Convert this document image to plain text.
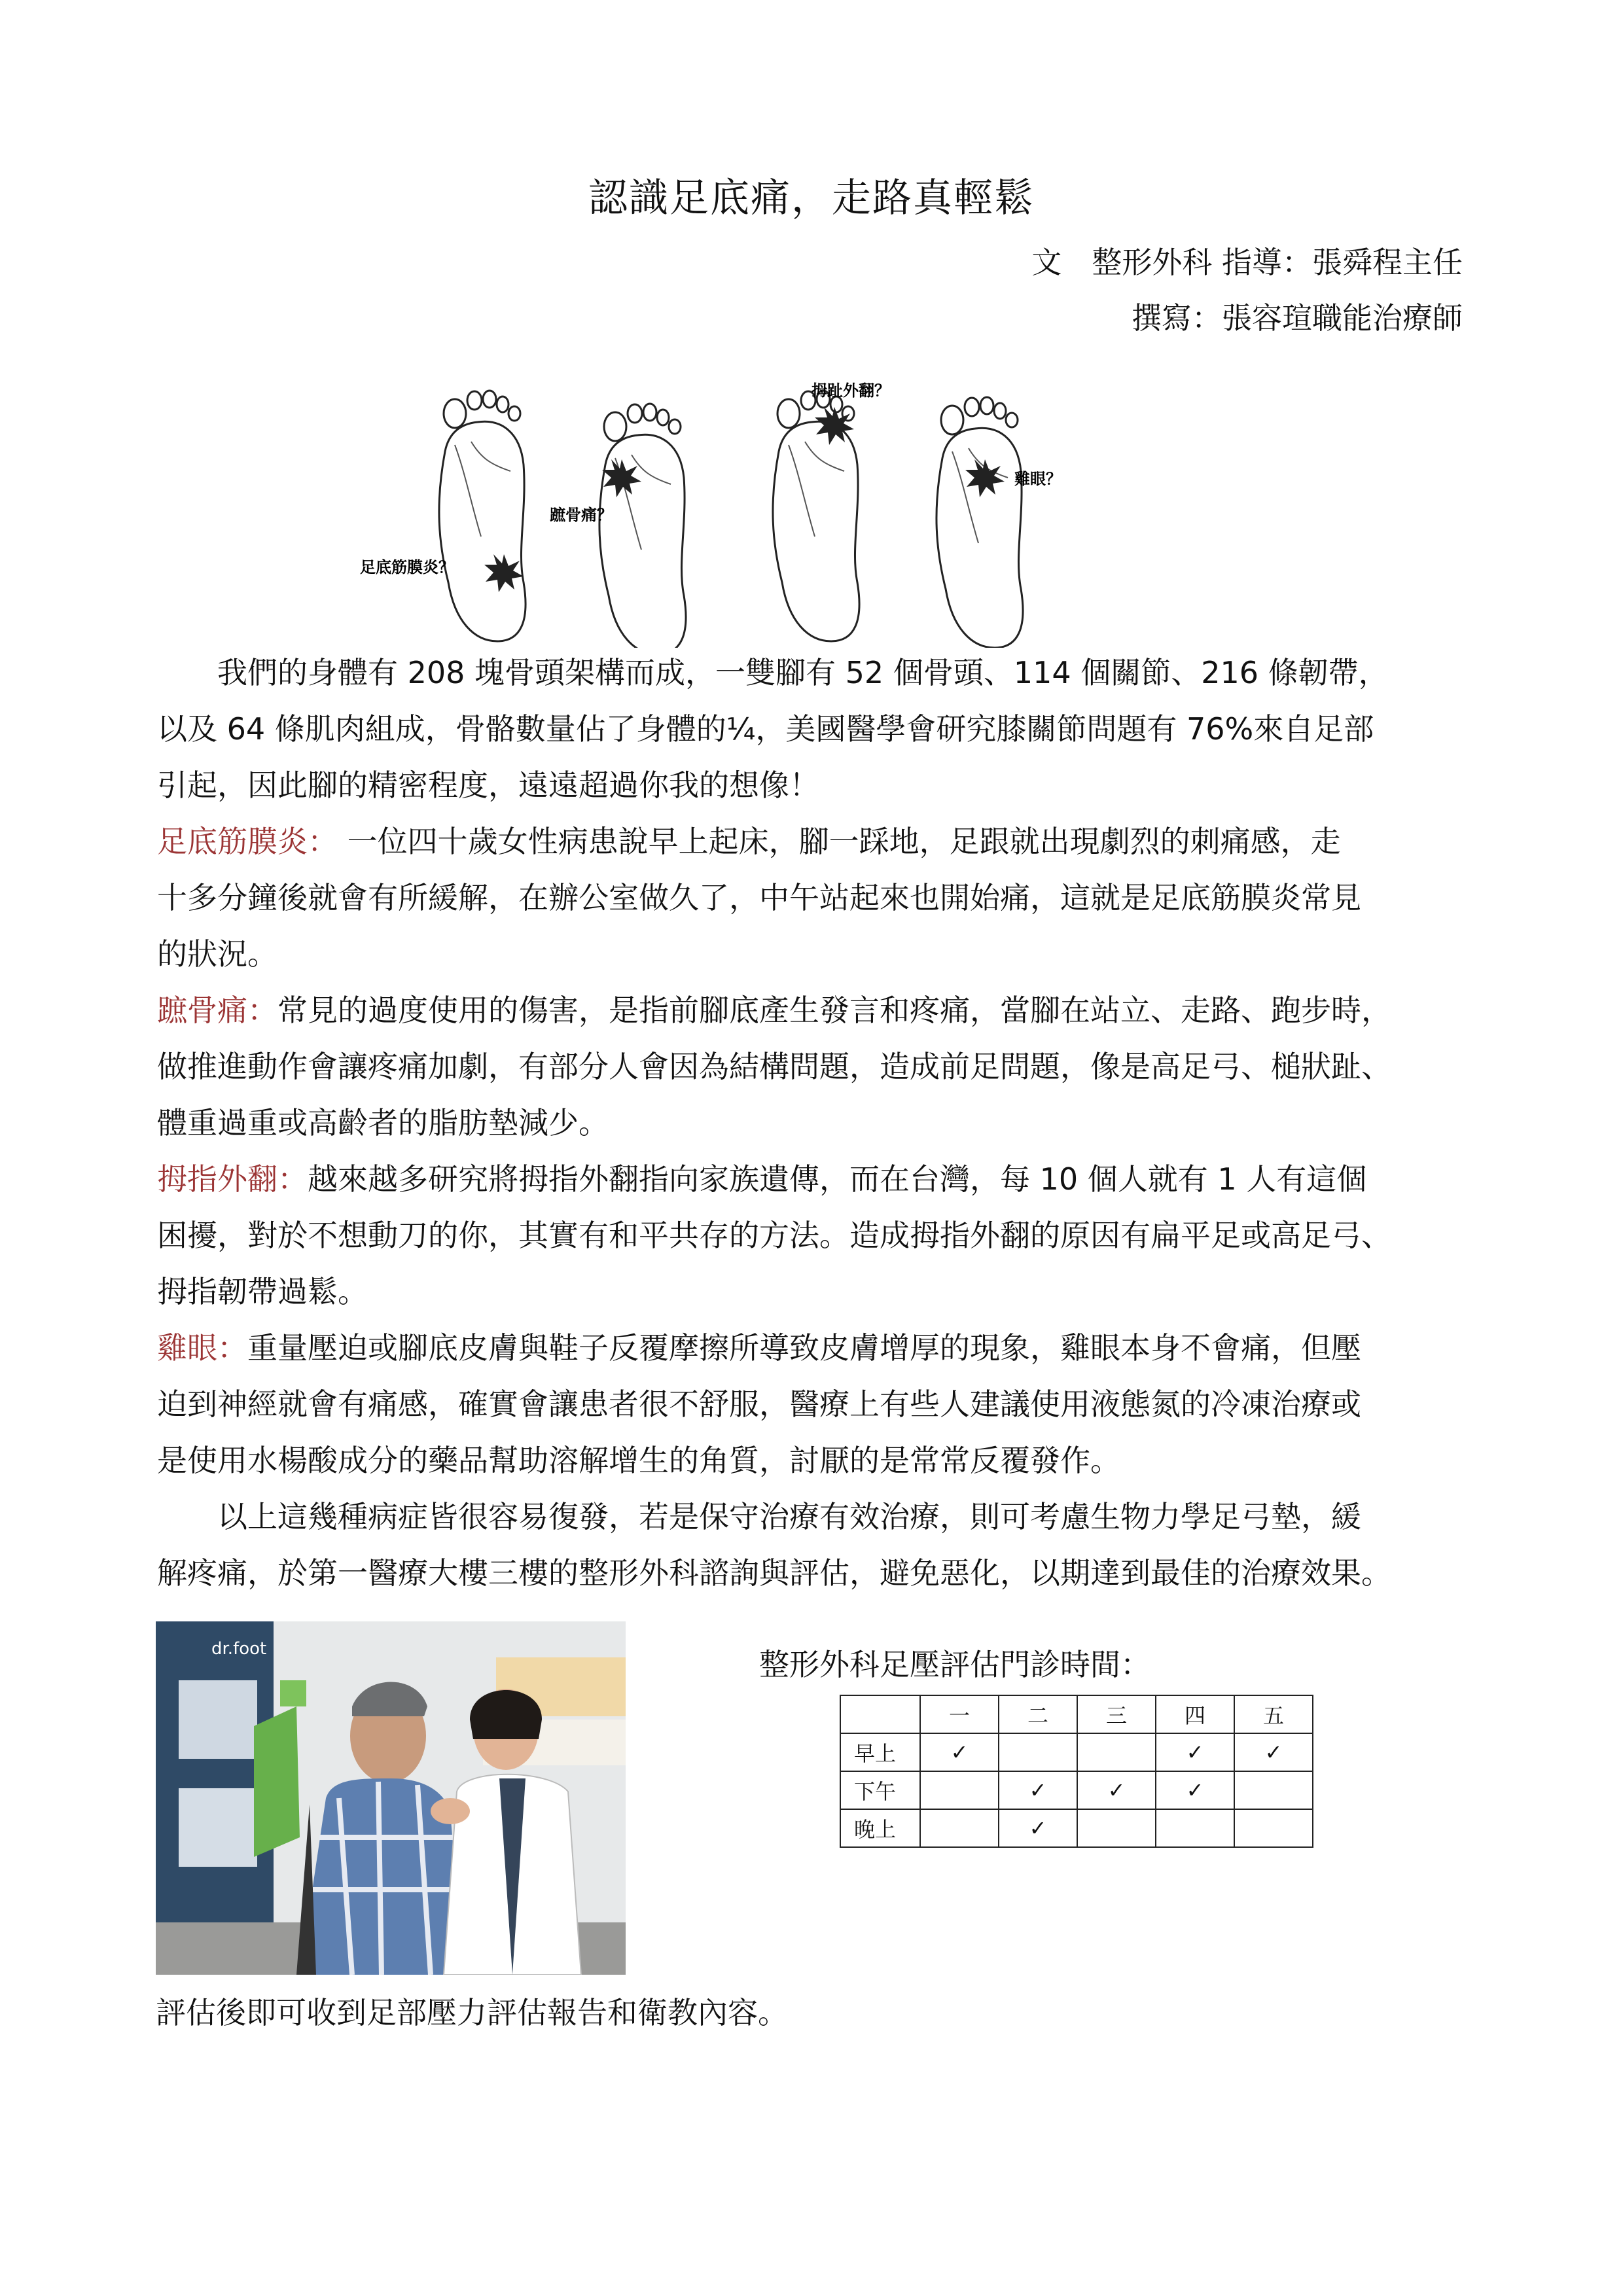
認識足底痛，走路真輕鬆
文　整形外科 指導：張舜程主任
撰寫：張容瑄職能治療師
足底筋膜炎？
蹠骨痛？
拇趾外翻？
雞眼？
我們的身體有 208 塊骨頭架構而成，一雙腳有 52 個骨頭、114 個關節、216 條韌帶，
以及 64 條肌肉組成，骨骼數量佔了身體的¼，美國醫學會研究膝關節問題有 76%來自足部
引起，因此腳的精密程度，遠遠超過你我的想像！
足底筋膜炎： 一位四十歲女性病患說早上起床，腳一踩地，足跟就出現劇烈的刺痛感，走
十多分鐘後就會有所緩解，在辦公室做久了，中午站起來也開始痛，這就是足底筋膜炎常見
的狀況。
蹠骨痛：常見的過度使用的傷害，是指前腳底產生發言和疼痛，當腳在站立、走路、跑步時，
做推進動作會讓疼痛加劇，有部分人會因為結構問題，造成前足問題，像是高足弓、槌狀趾、
體重過重或高齡者的脂肪墊減少。
拇指外翻：越來越多研究將拇指外翻指向家族遺傳，而在台灣，每 10 個人就有 1 人有這個
困擾，對於不想動刀的你，其實有和平共存的方法。造成拇指外翻的原因有扁平足或高足弓、
拇指韌帶過鬆。
雞眼：重量壓迫或腳底皮膚與鞋子反覆摩擦所導致皮膚增厚的現象，雞眼本身不會痛，但壓
迫到神經就會有痛感，確實會讓患者很不舒服，醫療上有些人建議使用液態氮的冷凍治療或
是使用水楊酸成分的藥品幫助溶解增生的角質，討厭的是常常反覆發作。
以上這幾種病症皆很容易復發，若是保守治療有效治療，則可考慮生物力學足弓墊，緩
解疼痛，於第一醫療大樓三樓的整形外科諮詢與評估，避免惡化，以期達到最佳的治療效果。
dr.foot	整形外科足壓評估門診時間：
	一	二	三	四	五
早上	✓			✓	✓
下午		✓	✓	✓	
晚上		✓			
評估後即可收到足部壓力評估報告和衛教內容。
